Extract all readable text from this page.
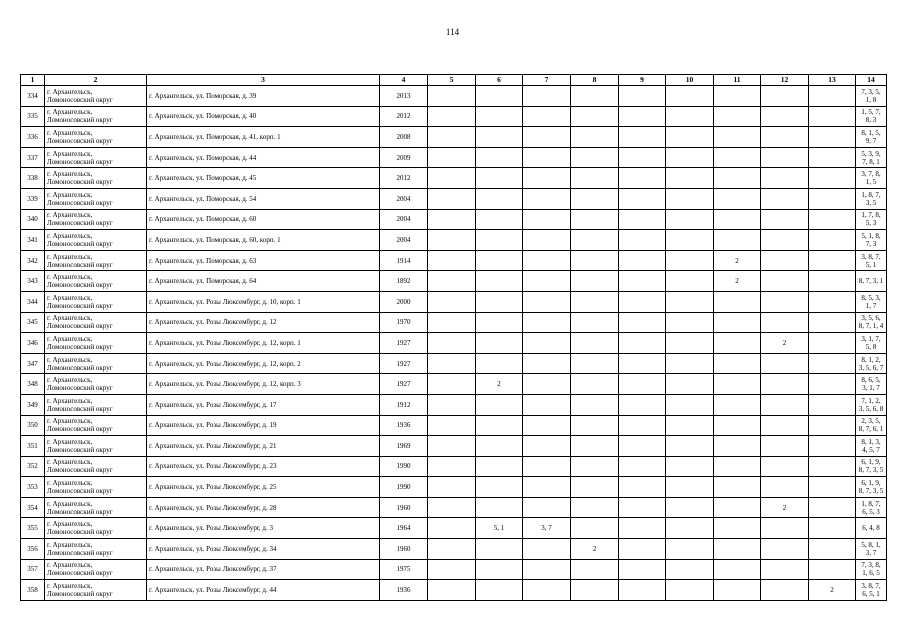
114
1	2	3	4	5	6	7	8	9	10	11	12	13	14
334	г. Архангельск,
Ломоносовский округ	г. Архангельск, ул. Поморская, д. 39	2013										7, 3, 5, 1, 8
335	г. Архангельск,
Ломоносовский округ	г. Архангельск, ул. Поморская, д. 40	2012										1, 5, 7, 8, 3
336	г. Архангельск,
Ломоносовский округ	г. Архангельск, ул. Поморская, д. 41, корп. 1	2008										8, 1, 5, 9, 7
337	г. Архангельск,
Ломоносовский округ	г. Архангельск, ул. Поморская, д. 44	2009										5, 3, 9, 7, 8, 1
338	г. Архангельск,
Ломоносовский округ	г. Архангельск, ул. Поморская, д. 45	2012										3, 7, 8, 1, 5
339	г. Архангельск,
Ломоносовский округ	г. Архангельск, ул. Поморская, д. 54	2004										1, 8, 7, 3, 5
340	г. Архангельск,
Ломоносовский округ	г. Архангельск, ул. Поморская, д. 60	2004										1, 7, 8, 5, 3
341	г. Архангельск,
Ломоносовский округ	г. Архангельск, ул. Поморская, д. 60, корп. 1	2004										5, 1, 8, 7, 3
342	г. Архангельск,
Ломоносовский округ	г. Архангельск, ул. Поморская, д. 63	1914							2			3, 8, 7, 5, 1
343	г. Архангельск,
Ломоносовский округ	г. Архангельск, ул. Поморская, д. 64	1892							2			8, 7, 3, 1
344	г. Архангельск,
Ломоносовский округ	г. Архангельск, ул. Розы Люксембург, д. 10, корп. 1	2000										8, 5, 3, 1, 7
345	г. Архангельск,
Ломоносовский округ	г. Архангельск, ул. Розы Люксембург, д. 12	1970										3, 5, 6, 8, 7, 1, 4
346	г. Архангельск,
Ломоносовский округ	г. Архангельск, ул. Розы Люксембург, д. 12, корп. 1	1927								2		3, 1, 7, 5, 8
347	г. Архангельск,
Ломоносовский округ	г. Архангельск, ул. Розы Люксембург, д. 12, корп. 2	1927										8, 1, 2, 3, 5, 6, 7
348	г. Архангельск,
Ломоносовский округ	г. Архангельск, ул. Розы Люксембург, д. 12, корп. 3	1927		2								8, 6, 5, 3, 1, 7
349	г. Архангельск,
Ломоносовский округ	г. Архангельск, ул. Розы Люксембург, д. 17	1912										7, 1, 2, 3, 5, 6, 8
350	г. Архангельск,
Ломоносовский округ	г. Архангельск, ул. Розы Люксембург, д. 19	1936										2, 3, 5, 8, 7, 6, 1
351	г. Архангельск,
Ломоносовский округ	г. Архангельск, ул. Розы Люксембург, д. 21	1969										8, 1, 3, 4, 5, 7
352	г. Архангельск,
Ломоносовский округ	г. Архангельск, ул. Розы Люксембург, д. 23	1990										6, 1, 9, 8, 7, 3, 5
353	г. Архангельск,
Ломоносовский округ	г. Архангельск, ул. Розы Люксембург, д. 25	1990										6, 1, 9, 8, 7, 3, 5
354	г. Архангельск,
Ломоносовский округ	г. Архангельск, ул. Розы Люксембург, д. 28	1960								2		1, 8, 7, 6, 5, 3
355	г. Архангельск,
Ломоносовский округ	г. Архангельск, ул. Розы Люксембург, д. 3	1964		5, 1	3, 7							6, 4, 8
356	г. Архангельск,
Ломоносовский округ	г. Архангельск, ул. Розы Люксембург, д. 34	1960				2						5, 8, 1, 3, 7
357	г. Архангельск,
Ломоносовский округ	г. Архангельск, ул. Розы Люксембург, д. 37	1975										7, 3, 8, 1, 6, 5
358	г. Архангельск,
Ломоносовский округ	г. Архангельск, ул. Розы Люксембург, д. 44	1936									2	3, 8, 7, 6, 5, 1
